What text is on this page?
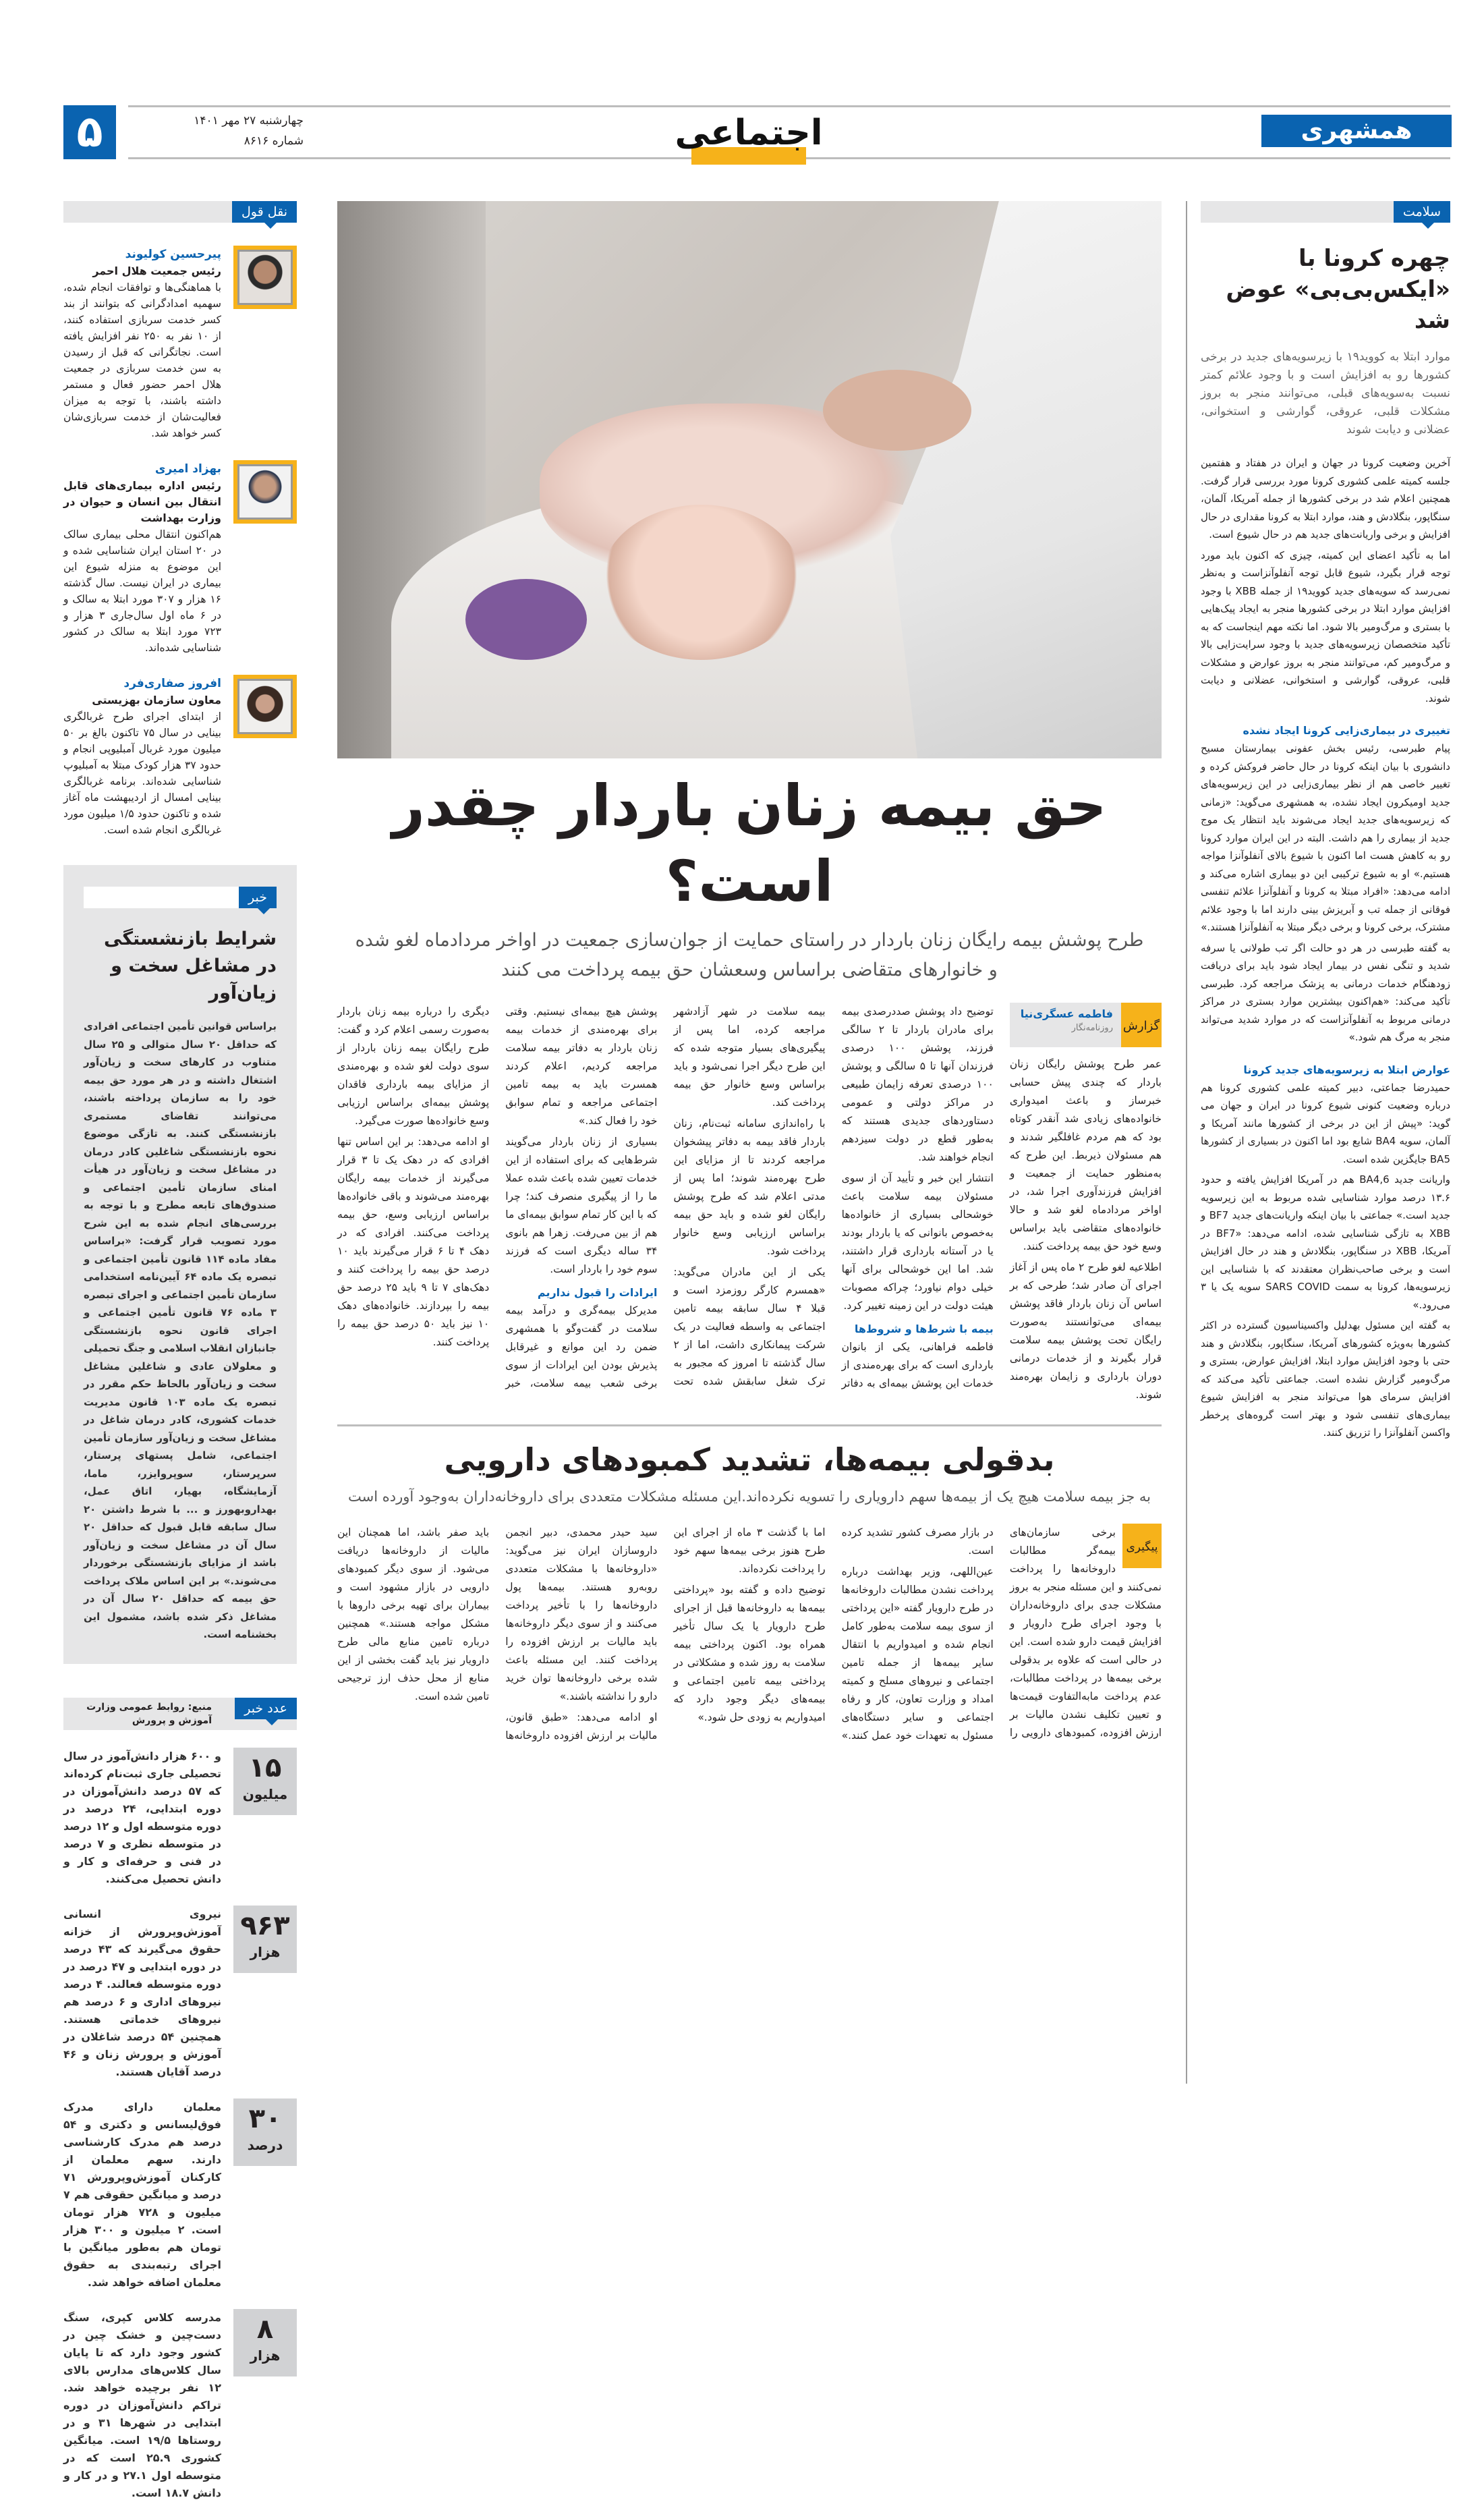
۵	چهارشنبه ۲۷ مهر ۱۴۰۱
شماره ۸۶۱۶	اجتماعی	همشهری
نقل قول
پیرحسین کولیوند
رئیس جمعیت هلال احمر
با هماهنگی‌ها و توافقات انجام شده، سهمیه امدادگرانی که بتوانند از بند کسر خدمت سربازی استفاده کنند، از ۱۰ نفر به ۲۵۰ نفر افزایش یافته است. نجاتگرانی که قبل از رسیدن به سن خدمت سربازی در جمعیت هلال احمر حضور فعال و مستمر داشته باشند، با توجه به میزان فعالیت‌شان از خدمت سربازی‌شان کسر خواهد شد.
بهزاد امیری
رئیس اداره بیماری‌های قابل انتقال بین انسان و حیوان در وزارت بهداشت
هم‌اکنون انتقال محلی بیماری سالک در ۲۰ استان ایران شناسایی شده و این موضوع به منزله شیوع این بیماری در ایران نیست. سال گذشته ۱۶ هزار و ۳۰۷ مورد ابتلا به سالک و در ۶ ماه اول سال‌جاری ۳ هزار و ۷۲۳ مورد ابتلا به سالک در کشور شناسایی شده‌اند.
افروز صفاری‌فرد
معاون سازمان بهزیستی
از ابتدای اجرای طرح غربالگری بینایی در سال ۷۵ تاکنون بالغ بر ۵۰ میلیون مورد غربال آمبلیوپی انجام و حدود ۳۷ هزار کودک مبتلا به آمبلیوپ شناسایی شده‌اند. برنامه غربالگری بینایی امسال از اردیبهشت ماه آغاز شده و تاکنون حدود ۱/۵ میلیون مورد غربالگری انجام شده است.
خبر
شرایط بازنشستگی در مشاغل سخت و زیان‌آور
براساس قوانین تأمین اجتماعی افرادی که حداقل ۲۰ سال متوالی و ۲۵ سال متناوب در کارهای سخت و زیان‌آور اشتغال داشته و در هر مورد حق بیمه خود را به سازمان پرداخته باشند، می‌توانند تقاضای مستمری بازنشستگی کنند. به تازگی موضوع نحوه بازنشستگی شاغلین کادر درمان در مشاغل سخت و زیان‌آور در هیأت امنای سازمان تأمین اجتماعی و صندوق‌های تابعه مطرح و با توجه به بررسی‌های انجام شده به این شرح مورد تصویب قرار گرفت: «براساس مفاد ماده ۱۱۴ قانون تأمین اجتماعی و تبصره یک ماده ۶۴ آیین‌نامه استخدامی سازمان تأمین اجتماعی و اجرای تبصره ۳ ماده ۷۶ قانون تأمین اجتماعی و اجرای قانون نحوه بازنشستگی جانبازان انقلاب اسلامی و جنگ تحمیلی و معلولان عادی و شاغلین مشاغل سخت و زیان‌آور بالحاظ حکم مقرر در تبصره یک ماده ۱۰۳ قانون مدیریت خدمات کشوری، کادر درمان شاغل در مشاغل سخت و زیان‌آور سازمان تأمین اجتماعی، شامل پستهای پرستار، سرپرستار، سوپروایزر، ماما، آزمایشگاه، بهیار، اتاق عمل، بهداروبهورز و ... با شرط داشتن ۲۰ سال سابقه قابل قبول که حداقل ۲۰ سال آن در مشاغل سخت و زیان‌آور باشد از مزایای بازنشستگی برخوردار می‌شوند.» بر این اساس ملاک پرداخت حق بیمه که حداقل ۲۰ سال آن در مشاغل ذکر شده باشد، مشمول این بخشنامه است.
عدد خبر
منبع: روابط عمومی وزارت آموزش و پرورش
۱۵
میلیون
و ۶۰۰ هزار دانش‌آموز در سال تحصیلی جاری ثبت‌نام کرده‌اند که ۵۷ درصد دانش‌آموزان در دوره ابتدایی، ۲۴ درصد در دوره متوسطه اول و ۱۲ درصد در متوسطه نظری و ۷ درصد در فنی و حرفه‌ای و کار و دانش تحصیل می‌کنند.
۹۶۳
هزار
نیروی انسانی آموزش‌وپرورش از خزانه حقوق می‌گیرند که ۴۳ درصد در دوره ابتدایی و ۴۷ درصد در دوره متوسطه فعالند. ۴ درصد نیروهای اداری و ۶ درصد هم نیروهای خدماتی هستند. همچنین ۵۴ درصد شاغلان در آموزش و پرورش زنان و ۴۶ درصد آقایان هستند.
۳۰
درصد
معلمان دارای مدرک فوق‌لیسانس و دکتری و ۵۴ درصد هم مدرک کارشناسی دارند. سهم معلمان از کارکنان آموزش‌وپرورش ۷۱ درصد و میانگین حقوقی هم ۷ میلیون و ۷۲۸ هزار تومان است. ۲ میلیون و ۳۰۰ هزار تومان هم به‌طور میانگین با اجرای رتبه‌بندی به حقوق معلمان اضافه خواهد شد.
۸
هزار
مدرسه کلاس کپری، سنگ دست‌چین و خشک چین در کشور وجود دارد که تا پایان سال کلاس‌های مدارس بالای ۱۲ نفر برچیده خواهد شد. تراکم دانش‌آموزان در دوره ابتدایی در شهرها ۳۱ و در روستاها ۱۹/۵ است. میانگین کشوری ۲۵.۹ است که در متوسطه اول ۲۷.۱ و در کار و دانش ۱۸.۷ است.
حق بیمه زنان باردار چقدر است؟
طرح پوشش بیمه رایگان زنان باردار در راستای حمایت از جوان‌سازی جمعیت در اواخر مردادماه لغو شده و خانوارهای متقاضی براساس وسعشان حق بیمه پرداخت می کنند
گزارش
فاطمه عسگری‌نیا
روزنامه‌نگار

عمر طرح پوشش رایگان زنان باردار که چندی پیش حسابی خبرساز و باعث امیدواری خانواده‌های زیادی شد آنقدر کوتاه بود که هم مردم غافلگیر شدند و هم مسئولان ذیربط. این طرح که به‌منظور حمایت از جمعیت و افزایش فرزندآوری اجرا شد، در اواخر مردادماه لغو شد و حالا خانواده‌های متقاضی باید براساس وسع خود حق بیمه پرداخت کنند.

اطلاعیه لغو طرح ۲ ماه پس از آغاز اجرای آن صادر شد؛ طرحی که بر اساس آن زنان باردار فاقد پوشش بیمه‌ای می‌توانستند به‌صورت رایگان تحت پوشش بیمه سلامت قرار بگیرند و از خدمات درمانی دوران بارداری و زایمان بهره‌مند شوند.

توضیح داد پوشش صددرصدی بیمه برای مادران باردار تا ۲ سالگی فرزند، پوشش ۱۰۰ درصدی فرزندان آنها تا ۵ سالگی و پوشش ۱۰۰ درصدی تعرفه زایمان طبیعی در مراکز دولتی و عمومی دستاوردهای جدیدی هستند که به‌طور قطع در دولت سیزدهم انجام خواهند شد.

انتشار این خبر و تأیید آن از سوی مسئولان بیمه سلامت باعث خوشحالی بسیاری از خانواده‌ها به‌خصوص بانوانی که یا باردار بودند یا در آستانه بارداری قرار داشتند، شد. اما این خوشحالی برای آنها خیلی دوام نیاورد؛ چراکه مصوبات هیئت دولت در این زمینه تغییر کرد.

بیمه با شرط‌ها و شروط‌ها

فاطمه فراهانی، یکی از بانوان بارداری است که برای بهره‌مندی از خدمات این پوشش بیمه‌ای به دفاتر بیمه سلامت در شهر آزادشهر مراجعه کرده، اما پس از پیگیری‌های بسیار متوجه شده که این طرح دیگر اجرا نمی‌شود و باید براساس وسع خانوار حق بیمه پرداخت کند.

با راه‌اندازی سامانه ثبت‌نام، زنان باردار فاقد بیمه به دفاتر پیشخوان مراجعه کردند تا از مزایای این طرح بهره‌مند شوند؛ اما پس از مدتی اعلام شد که طرح پوشش رایگان لغو شده و باید حق بیمه براساس ارزیابی وسع خانوار پرداخت شود.

یکی از این مادران می‌گوید: «همسرم کارگر روزمزد است و قبلا ۴ سال سابقه بیمه تامین اجتماعی به واسطه فعالیت در یک شرکت پیمانکاری داشت، اما از ۲ سال گذشته تا امروز که مجبور به ترک شغل سابقش شده تحت پوشش هیچ بیمه‌ای نیستیم. وقتی برای بهره‌مندی از خدمات بیمه زنان باردار به دفاتر بیمه سلامت مراجعه کردیم، اعلام کردند همسرت باید به بیمه تامین اجتماعی مراجعه و تمام سوابق خود را فعال کند.»

بسیاری از زنان باردار می‌گویند شرط‌هایی که برای استفاده از این خدمات تعیین شده باعث شده عملا ما را از پیگیری منصرف کند؛ چرا که با این کار تمام سوابق بیمه‌ای ما هم از بین می‌رفت. زهرا هم بانوی ۳۴ ساله دیگری است که فرزند سوم خود را باردار است.

ایرادات را قبول نداریم

مدیرکل بیمه‌گری و درآمد بیمه سلامت در گفت‌وگو با همشهری ضمن رد این موانع و غیرقابل پذیرش بودن این ایرادات از سوی برخی شعب بیمه سلامت، خبر دیگری را درباره بیمه زنان باردار به‌صورت رسمی اعلام کرد و گفت: طرح رایگان بیمه زنان باردار از سوی دولت لغو شده و بهره‌مندی از مزایای بیمه بارداری فاقدان پوشش بیمه‌ای براساس ارزیابی وسع خانواده‌ها صورت می‌گیرد.

او ادامه می‌دهد: بر این اساس تنها افرادی که در دهک یک تا ۳ قرار می‌گیرند از خدمات بیمه رایگان بهره‌مند می‌شوند و باقی خانواده‌ها براساس ارزیابی وسع، حق بیمه پرداخت می‌کنند. افرادی که در دهک ۴ تا ۶ قرار می‌گیرند باید ۱۰ درصد حق بیمه را پرداخت کنند و دهک‌های ۷ تا ۹ باید ۲۵ درصد حق بیمه را بپردازند. خانواده‌های دهک ۱۰ نیز باید ۵۰ درصد حق بیمه را پرداخت کنند.

بدقولی بیمه‌ها، تشدید کمبودهای دارویی
به جز بیمه سلامت هیچ یک از بیمه‌ها سهم دارویاری را تسویه نکرده‌اند.این مسئله مشکلات متعددی برای داروخانه‌داران به‌وجود آورده است
پیگیری

برخی سازمان‌های بیمه‌گر مطالبات داروخانه‌ها را پرداخت نمی‌کنند و این مسئله منجر به بروز مشکلات جدی برای داروخانه‌داران با وجود اجرای طرح دارویار و افزایش قیمت دارو شده است. این در حالی است که علاوه بر بدقولی برخی بیمه‌ها در پرداخت مطالبات، عدم پرداخت مابه‌التفاوت قیمت‌ها و تعیین تکلیف نشدن مالیات بر ارزش افزوده، کمبودهای دارویی را در بازار مصرف کشور تشدید کرده است.

عین‌اللهی، وزیر بهداشت درباره پرداخت نشدن مطالبات داروخانه‌ها در طرح دارویار گفته «این پرداختی از سوی بیمه سلامت به‌طور کامل انجام شده و امیدواریم با انتقال سایر بیمه‌ها از جمله تامین اجتماعی و نیروهای مسلح و کمیته امداد و وزارت تعاون، کار و رفاه اجتماعی و سایر دستگاه‌های مسئول به تعهدات خود عمل کنند.» اما با گذشت ۳ ماه از اجرای این طرح هنوز برخی بیمه‌ها سهم خود را پرداخت نکرده‌اند.

توضیح داده و گفته بود «پرداختی بیمه‌ها به داروخانه‌ها قبل از اجرای طرح دارویار یا یک سال تأخیر همراه بود. اکنون پرداختی بیمه سلامت به روز شده و مشکلاتی در پرداختی بیمه تامین اجتماعی و بیمه‌های دیگر وجود دارد که امیدواریم به زودی حل شود.»

سید حیدر محمدی، دبیر انجمن داروسازان ایران نیز می‌گوید: «داروخانه‌ها با مشکلات متعددی روبه‌رو هستند. بیمه‌ها پول داروخانه‌ها را با تأخیر پرداخت می‌کنند و از سوی دیگر داروخانه‌ها باید مالیات بر ارزش افزوده را پرداخت کنند. این مسئله باعث شده برخی داروخانه‌ها توان خرید دارو را نداشته باشند.»

او ادامه می‌دهد: «طبق قانون، مالیات بر ارزش افزوده داروخانه‌ها باید صفر باشد، اما همچنان این مالیات از داروخانه‌ها دریافت می‌شود. از سوی دیگر کمبودهای دارویی در بازار مشهود است و بیماران برای تهیه برخی داروها با مشکل مواجه هستند.» همچنین درباره تامین منابع مالی طرح دارویار نیز باید گفت بخشی از این منابع از محل حذف ارز ترجیحی تامین شده است.

سلامت
چهره کرونا با «ایکس‌بی‌بی» عوض شد
موارد ابتلا به کووید۱۹ با زیرسویه‌های جدید در برخی کشورها رو به افزایش است و با وجود علائم کمتر نسبت به‌سویه‌های قبلی، می‌توانند منجر به بروز مشکلات قلبی، عروقی، گوارشی و استخوانی، عضلانی و دیابت شوند

آخرین وضعیت کرونا در جهان و ایران در هفتاد و هفتمین جلسه کمیته علمی کشوری کرونا مورد بررسی قرار گرفت. همچنین اعلام شد در برخی کشورها از جمله آمریکا، آلمان، سنگاپور، بنگلادش و هند، موارد ابتلا به کرونا مقداری در حال افزایش و برخی واریانت‌های جدید هم در حال شیوع است.

اما به تأکید اعضای این کمیته، چیزی که اکنون باید مورد توجه قرار بگیرد، شیوع قابل توجه آنفلوآنزاست و به‌نظر نمی‌رسد که سویه‌های جدید کووید۱۹ از جمله XBB با وجود افزایش موارد ابتلا در برخی کشورها منجر به ایجاد پیک‌هایی با بستری و مرگ‌ومیر بالا شود. اما نکته مهم اینجاست که به تأکید متخصصان زیرسویه‌های جدید با وجود سرایت‌زایی بالا و مرگ‌ومیر کم، می‌توانند منجر به بروز عوارض و مشکلات قلبی، عروقی، گوارشی و استخوانی، عضلانی و دیابت شوند.

تغییری در بیماری‌زایی کرونا ایجاد نشده

پیام طبرسی، رئیس بخش عفونی بیمارستان مسیح دانشوری با بیان اینکه کرونا در حال حاضر فروکش کرده و تغییر خاصی هم از نظر بیماری‌زایی در این زیرسویه‌های جدید اومیکرون ایجاد نشده، به همشهری می‌گوید: «زمانی که زیرسویه‌های جدید ایجاد می‌شوند باید انتظار یک موج جدید از بیماری را هم داشت. البته در این ایران موارد کرونا رو به کاهش هست اما اکنون با شیوع بالای آنفلوآنزا مواجه هستیم.» او به شیوع ترکیبی این دو بیماری اشاره می‌کند و ادامه می‌دهد: «افراد مبتلا به کرونا و آنفلوآنزا علائم تنفسی فوقانی از جمله تب و آبریزش بینی دارند اما با وجود علائم مشترک، برخی کرونا و برخی دیگر مبتلا به آنفلوآنزا هستند.»

به گفته طبرسی در هر دو حالت اگر تب طولانی یا سرفه شدید و تنگی نفس در بیمار ایجاد شود باید برای دریافت زودهنگام خدمات درمانی به پزشک مراجعه کرد. طبرسی تأکید می‌کند: «هم‌اکنون بیشترین موارد بستری در مراکز درمانی مربوط به آنفلوآنزاست که در موارد شدید می‌تواند منجر به مرگ هم شود.»

عوارض ابتلا به زیرسویه‌های جدید کرونا

حمیدرضا جماعتی، دبیر کمیته علمی کشوری کرونا هم درباره وضعیت کنونی شیوع کرونا در ایران و جهان می گوید: «پیش از این در برخی از کشورها مانند آمریکا و آلمان، سویه BA4 شایع بود اما اکنون در بسیاری از کشورها BA5 جایگزین شده است.

واریانت جدید BA4,6 هم در آمریکا افزایش یافته و حدود ۱۳.۶ درصد موارد شناسایی شده مربوط به این زیرسویه جدید است.» جماعتی با بیان اینکه واریانت‌های جدید BF7 و XBB به تازگی شناسایی شده، ادامه می‌دهد: «BF7 در آمریکا، XBB در سنگاپور، بنگلادش و هند در حال افزایش است و برخی صاحب‌نظران معتقدند که با شناسایی این زیرسویه‌ها، کرونا به سمت SARS COVID سویه یک یا ۳ می‌رود.»

به گفته این مسئول بهدلیل واکسیناسیون گسترده در اکثر کشورها به‌ویژه کشورهای آمریکا، سنگاپور، بنگلادش و هند حتی با وجود افزایش موارد ابتلا، افزایش عوارض، بستری و مرگ‌ومیر گزارش نشده است. جماعتی تأکید می‌کند که افزایش سرمای هوا می‌تواند منجر به افزایش شیوع بیماری‌های تنفسی شود و بهتر است گروه‌های پرخطر واکسن آنفلوآنزا را تزریق کنند.
